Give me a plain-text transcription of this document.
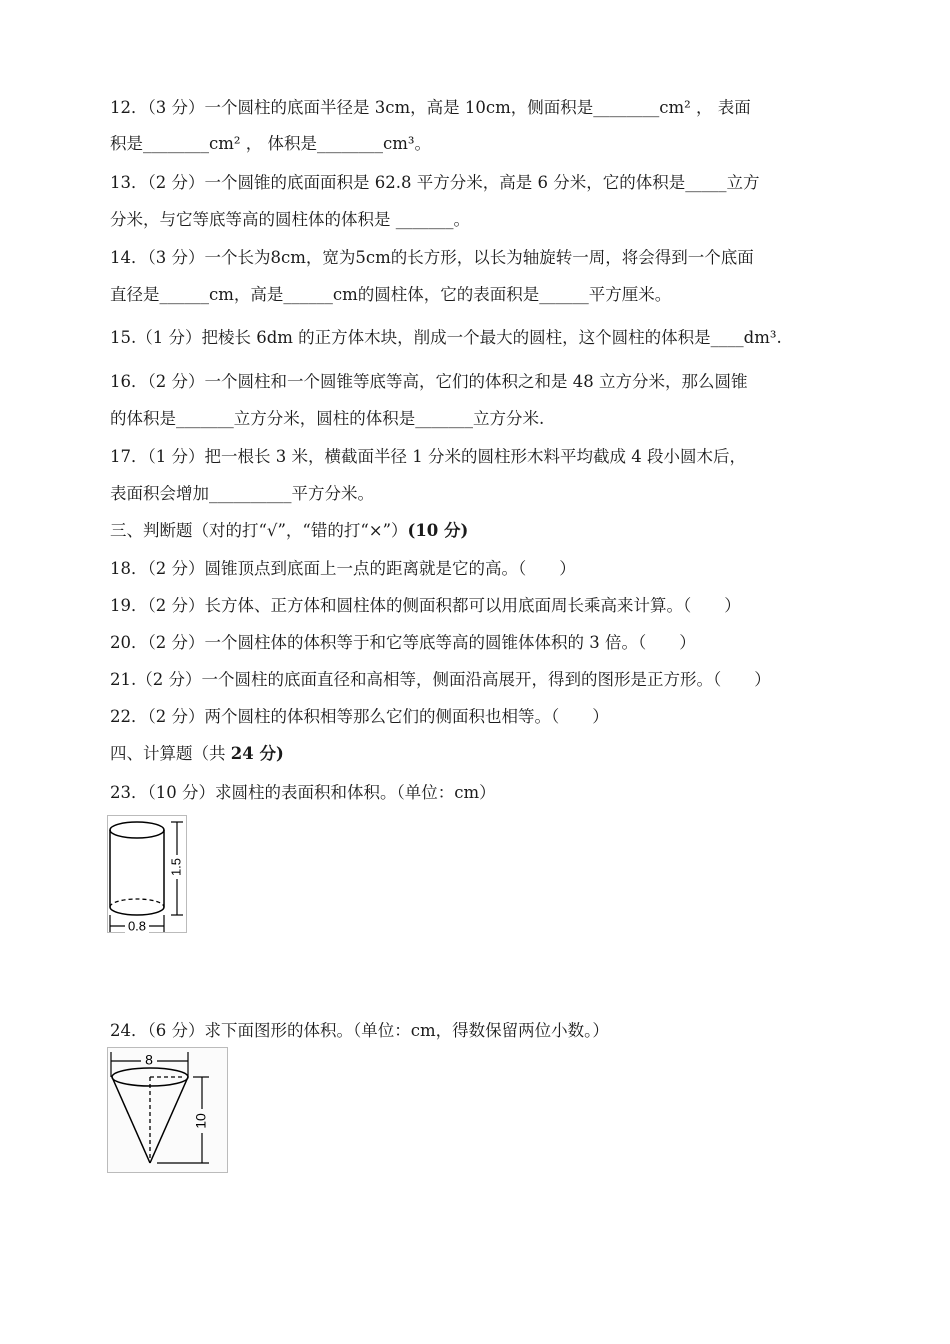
12．（3 分）一个圆柱的底面半径是 3cm，高是 10cm，侧面积是________cm² ， 表面
积是________cm² ， 体积是________cm³。
13．（2 分）一个圆锥的底面面积是 62.8 平方分米，高是 6 分米，它的体积是_____立方
分米，与它等底等高的圆柱体的体积是 _______。
14．（3 分）一个长为8cm，宽为5cm的长方形，以长为轴旋转一周，将会得到一个底面
直径是______cm，高是______cm的圆柱体，它的表面积是______平方厘米。
15.（1 分）把棱长 6dm 的正方体木块，削成一个最大的圆柱，这个圆柱的体积是____dm³.
16．（2 分）一个圆柱和一个圆锥等底等高，它们的体积之和是 48 立方分米，那么圆锥
的体积是_______立方分米，圆柱的体积是_______立方分米.
17．（1 分）把一根长 3 米，横截面半径 1 分米的圆柱形木料平均截成 4 段小圆木后，
表面积会增加__________平方分米。
三、判断题（对的打“√”，“错的打“×”）(10 分)
18．（2 分）圆锥顶点到底面上一点的距离就是它的高。（　　）
19．（2 分）长方体、正方体和圆柱体的侧面积都可以用底面周长乘高来计算。（　　）
20．（2 分）一个圆柱体的体积等于和它等底等高的圆锥体体积的 3 倍。（　　）
21.（2 分）一个圆柱的底面直径和高相等，侧面沿高展开，得到的图形是正方形。（　　）
22．（2 分）两个圆柱的体积相等那么它们的侧面积也相等。（　　）
四、计算题（共 24 分)
23．（10 分）求圆柱的表面积和体积。（单位：cm）
1.5
0.8
24．（6 分）求下面图形的体积。（单位：cm，得数保留两位小数。）
8
10
